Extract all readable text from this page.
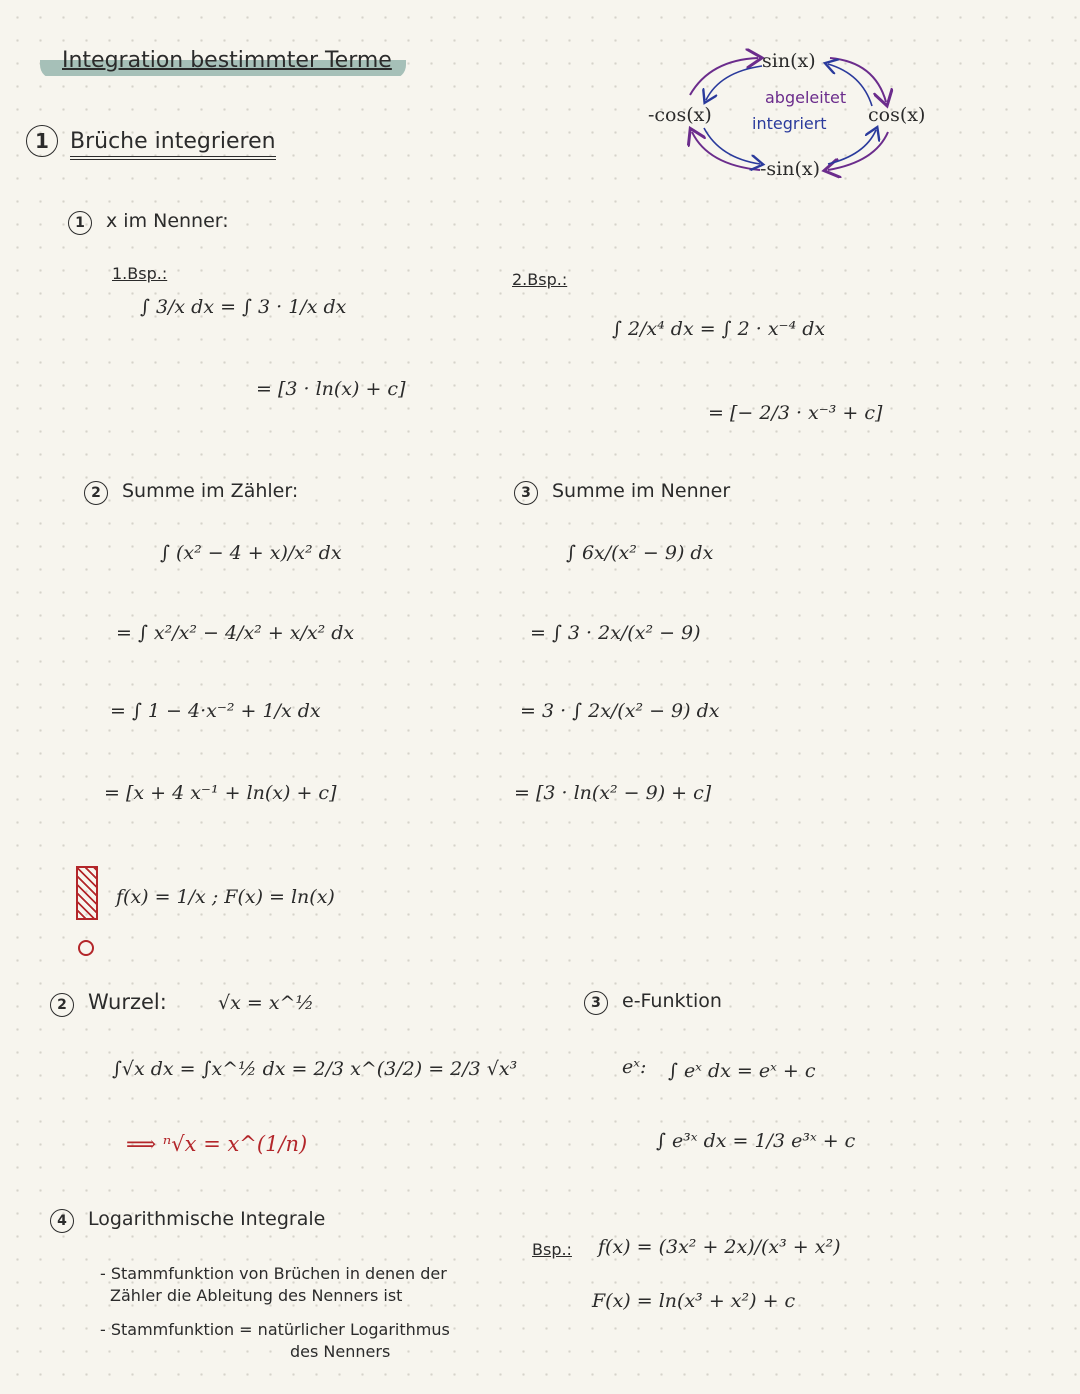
Integration bestimmter Terme	sin(x)
-cos(x)	cos(x)
-sin(x)
abgeleitet
integriert
1 Brüche integrieren
1 x im Nenner:
1.Bsp.:
∫ 3/x dx = ∫ 3 · 1/x dx
= [3 · ln(x) + c]
2.Bsp.:
∫ 2/x⁴ dx = ∫ 2 · x⁻⁴ dx
= [− 2/3 · x⁻³ + c]
2 Summe im Zähler:
∫ (x² − 4 + x)/x² dx
= ∫ x²/x² − 4/x² + x/x² dx
= ∫ 1 − 4·x⁻² + 1/x dx
= [x + 4 x⁻¹ + ln(x) + c]
3 Summe im Nenner
∫ 6x/(x² − 9) dx
= ∫ 3 · 2x/(x² − 9)
= 3 · ∫ 2x/(x² − 9) dx
= [3 · ln(x² − 9) + c]
f(x) = 1/x ; F(x) = ln(x)
2 Wurzel:	√x = x^½
∫√x dx = ∫x^½ dx = 2/3 x^(3/2) = 2/3 √x³
⟹ ⁿ√x = x^(1/n)
3 e-Funktion
eˣ: ∫ eˣ dx = eˣ + c
∫ e³ˣ dx = 1/3 e³ˣ + c
4 Logarithmische Integrale
- Stammfunktion von Brüchen in denen der
Zähler die Ableitung des Nenners ist
- Stammfunktion = natürlicher Logarithmus
des Nenners
Bsp.: f(x) = (3x² + 2x)/(x³ + x²)
F(x) = ln(x³ + x²) + c
